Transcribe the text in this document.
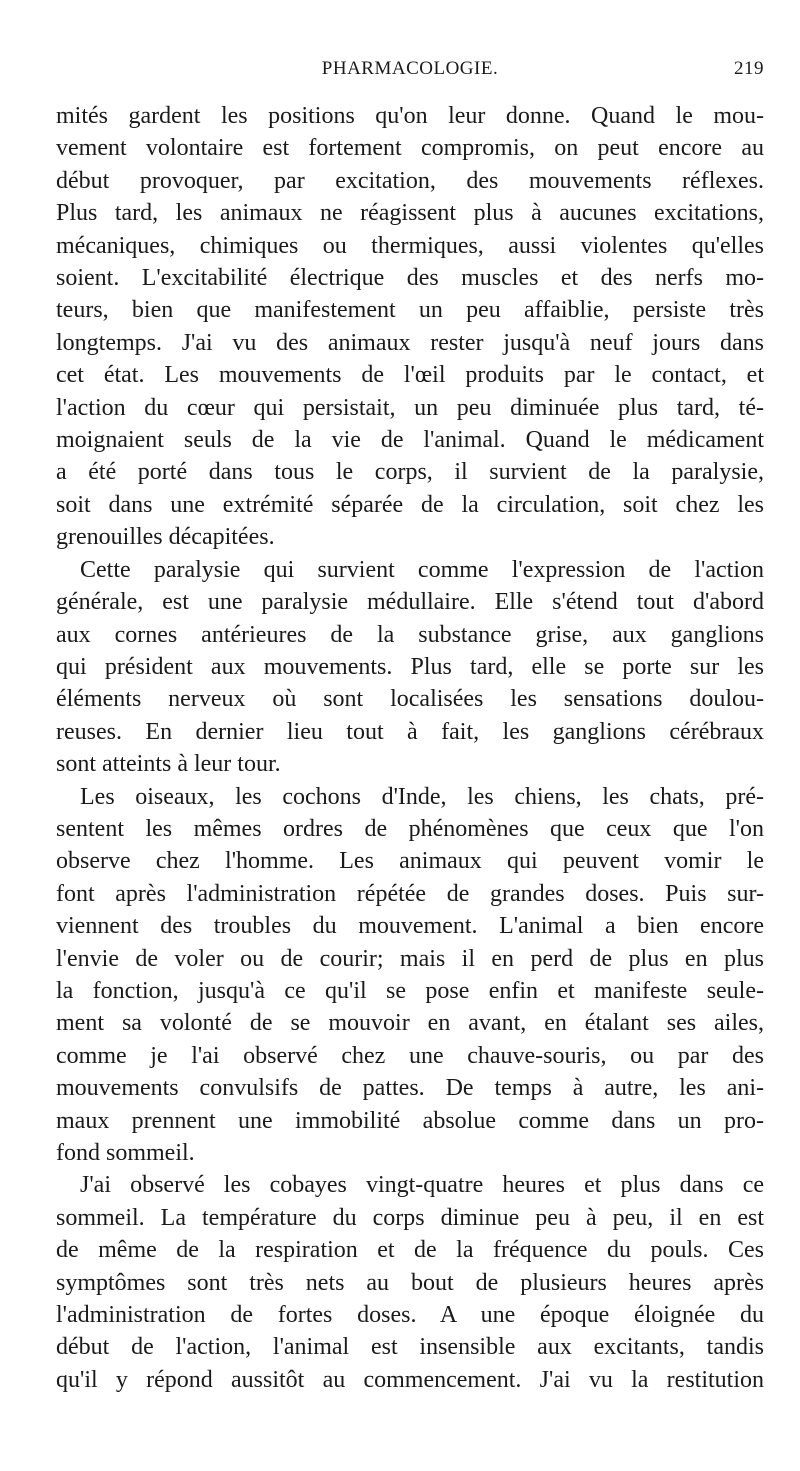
PHARMACOLOGIE.	219
mités gardent les positions qu'on leur donne. Quand le mou-
vement volontaire est fortement compromis, on peut encore au
début provoquer, par excitation, des mouvements réflexes.
Plus tard, les animaux ne réagissent plus à aucunes excitations,
mécaniques, chimiques ou thermiques, aussi violentes qu'elles
soient. L'excitabilité électrique des muscles et des nerfs mo-
teurs, bien que manifestement un peu affaiblie, persiste très
longtemps. J'ai vu des animaux rester jusqu'à neuf jours dans
cet état. Les mouvements de l'œil produits par le contact, et
l'action du cœur qui persistait, un peu diminuée plus tard, té-
moignaient seuls de la vie de l'animal. Quand le médicament
a été porté dans tous le corps, il survient de la paralysie,
soit dans une extrémité séparée de la circulation, soit chez les
grenouilles décapitées.
Cette paralysie qui survient comme l'expression de l'action
générale, est une paralysie médullaire. Elle s'étend tout d'abord
aux cornes antérieures de la substance grise, aux ganglions
qui président aux mouvements. Plus tard, elle se porte sur les
éléments nerveux où sont localisées les sensations doulou-
reuses. En dernier lieu tout à fait, les ganglions cérébraux
sont atteints à leur tour.
Les oiseaux, les cochons d'Inde, les chiens, les chats, pré-
sentent les mêmes ordres de phénomènes que ceux que l'on
observe chez l'homme. Les animaux qui peuvent vomir le
font après l'administration répétée de grandes doses. Puis sur-
viennent des troubles du mouvement. L'animal a bien encore
l'envie de voler ou de courir; mais il en perd de plus en plus
la fonction, jusqu'à ce qu'il se pose enfin et manifeste seule-
ment sa volonté de se mouvoir en avant, en étalant ses ailes,
comme je l'ai observé chez une chauve-souris, ou par des
mouvements convulsifs de pattes. De temps à autre, les ani-
maux prennent une immobilité absolue comme dans un pro-
fond sommeil.
J'ai observé les cobayes vingt-quatre heures et plus dans ce
sommeil. La température du corps diminue peu à peu, il en est
de même de la respiration et de la fréquence du pouls. Ces
symptômes sont très nets au bout de plusieurs heures après
l'administration de fortes doses. A une époque éloignée du
début de l'action, l'animal est insensible aux excitants, tandis
qu'il y répond aussitôt au commencement. J'ai vu la restitution
